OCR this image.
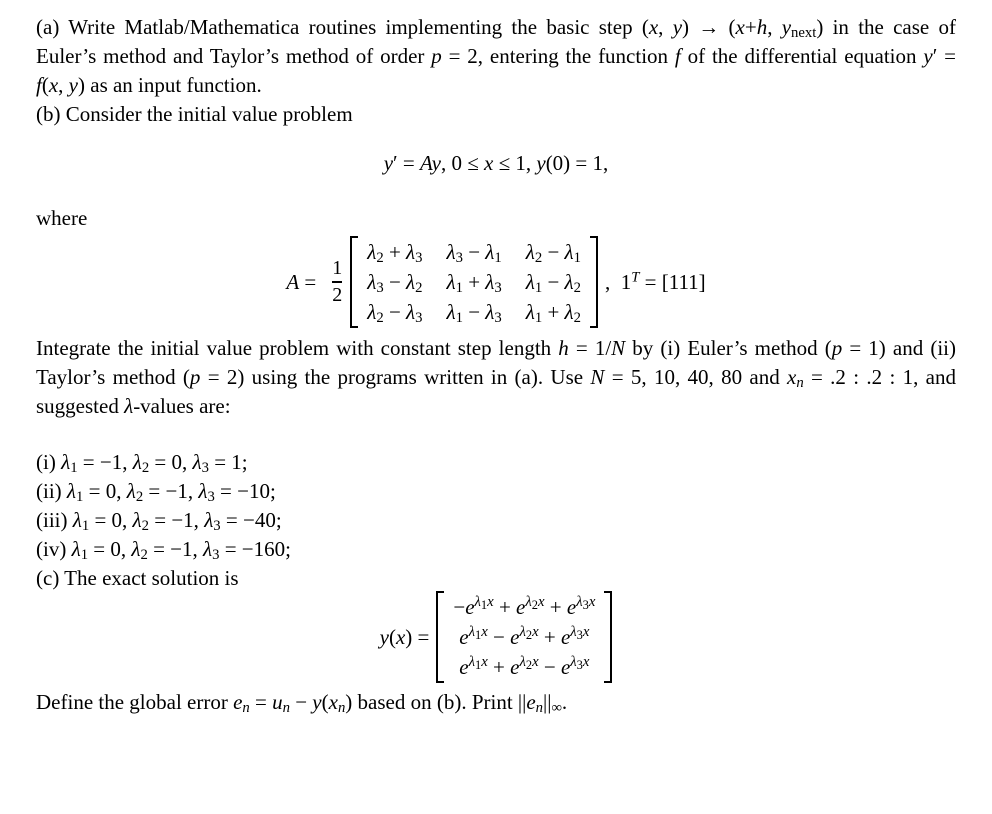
(a) Write Matlab/Mathematica routines implementing the basic step (x, y) → (x+h, $y_{next}$) in the case of Euler’s method and Taylor’s method of order p = 2, entering the function f of the differential equation y′ = f(x, y) as an input function.

(b) Consider the initial value problem

y′ = Ay, 0 ≤ x ≤ 1, y(0) = 1,

where

$A = \frac{1}{2}$
$\lambda_2 + \lambda_3$ $\lambda_3 - \lambda_1$ $\lambda_2 - \lambda_1$
$\lambda_3 - \lambda_2$ $\lambda_1 + \lambda_3$ $\lambda_1 - \lambda_2$
$\lambda_2 - \lambda_3$ $\lambda_1 - \lambda_3$ $\lambda_1 + \lambda_2$
,  $1^T = [111]$

Integrate the initial value problem with constant step length h = 1/N by (i) Euler’s method (p = 1) and (ii) Taylor’s method (p = 2) using the programs written in (a). Use N = 5, 10, 40, 80 and $x_n = .2$ : .2 : 1, and suggested λ-values are:

(i) $\lambda_1 = -1$, $\lambda_2 = 0$, $\lambda_3 = 1$;

(ii) $\lambda_1 = 0$, $\lambda_2 = -1$, $\lambda_3 = -10$;

(iii) $\lambda_1 = 0$, $\lambda_2 = -1$, $\lambda_3 = -40$;

(iv) $\lambda_1 = 0$, $\lambda_2 = -1$, $\lambda_3 = -160$;

(c) The exact solution is

y(x) =
$-e^{\lambda_1x} + e^{\lambda_2x} + e^{\lambda_3x}$
$e^{\lambda_1x} - e^{\lambda_2x} + e^{\lambda_3x}$
$e^{\lambda_1x} + e^{\lambda_2x} - e^{\lambda_3x}$

Define the global error $e_n = u_n - y(x_n)$ based on (b). Print $||e_n||_\infty$.
